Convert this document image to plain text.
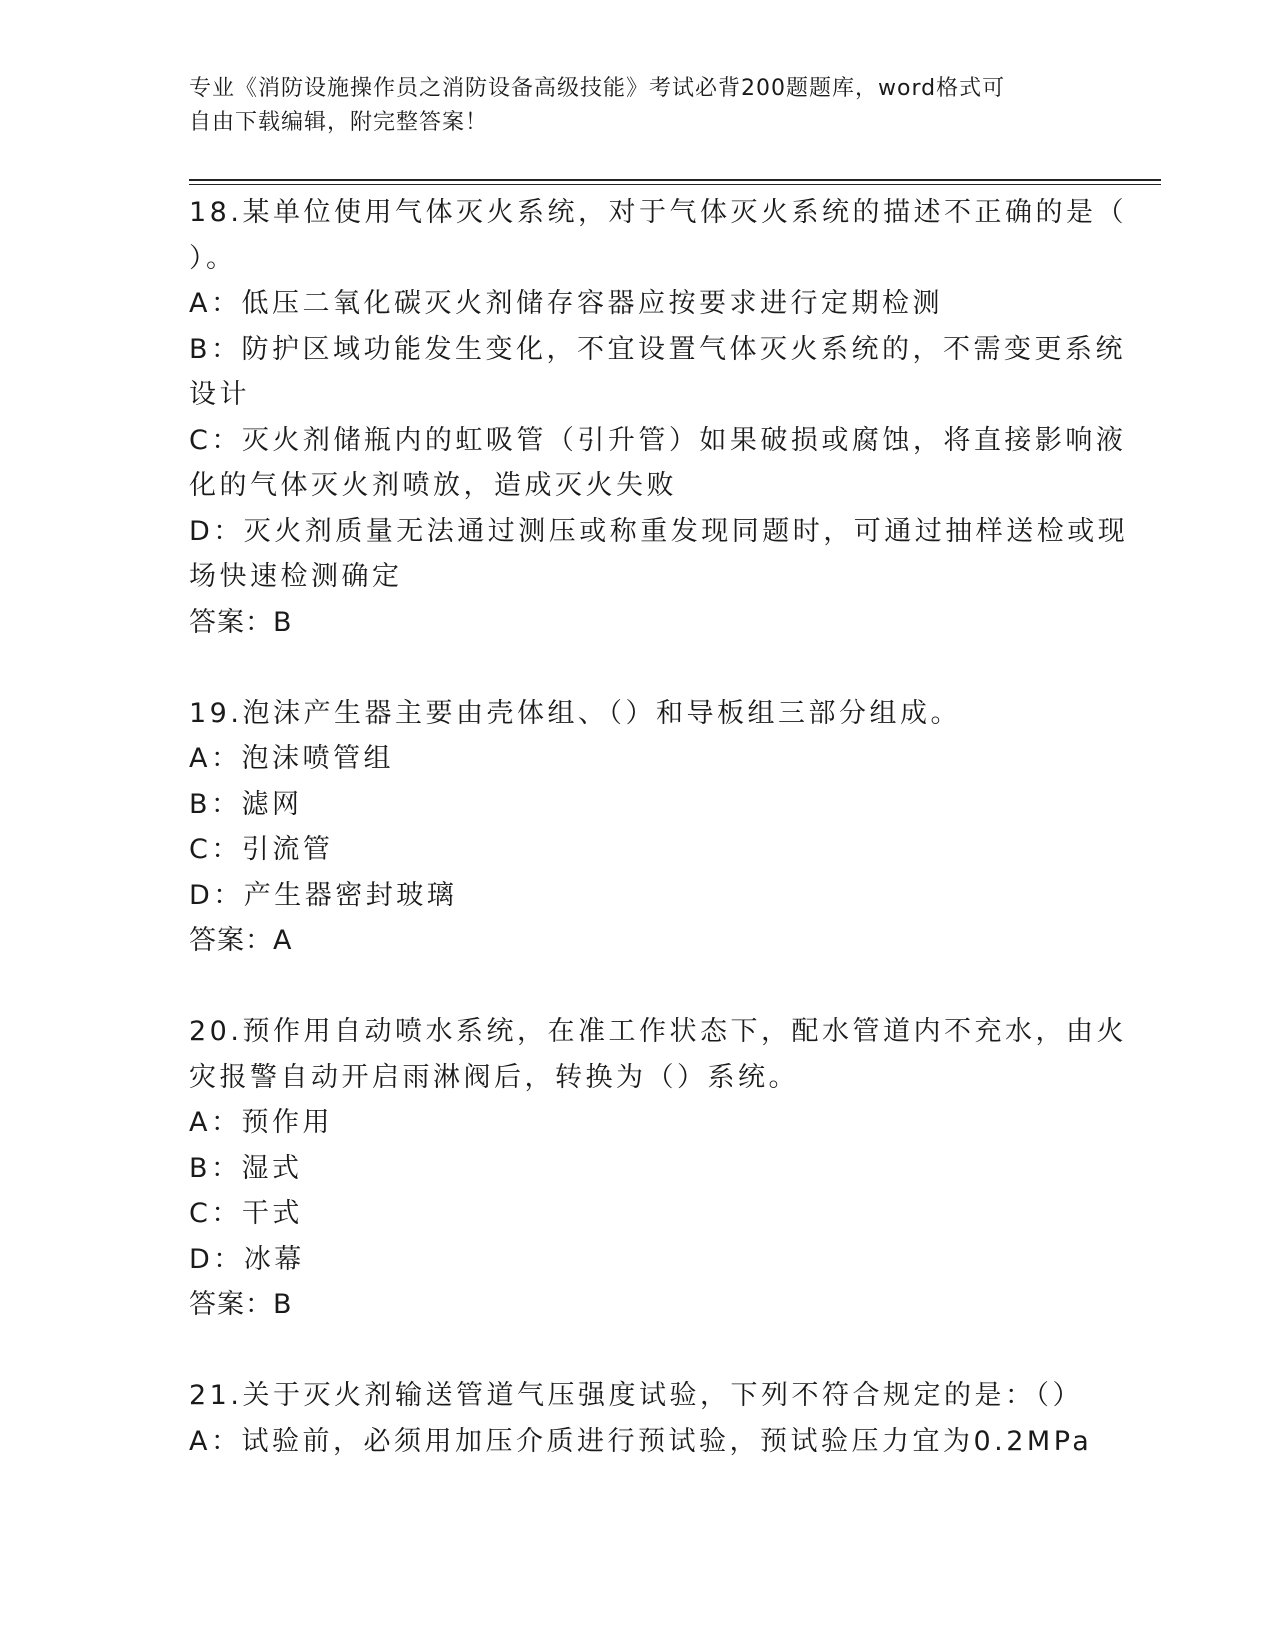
专业《消防设施操作员之消防设备高级技能》考试必背200题题库，word格式可
自由下载编辑，附完整答案！
18.某单位使用气体灭火系统，对于气体灭火系统的描述不正确的是（
）。
A：低压二氧化碳灭火剂储存容器应按要求进行定期检测
B：防护区域功能发生变化，不宜设置气体灭火系统的，不需变更系统
设计
C：灭火剂储瓶内的虹吸管（引升管）如果破损或腐蚀，将直接影响液
化的气体灭火剂喷放，造成灭火失败
D：灭火剂质量无法通过测压或称重发现同题时，可通过抽样送检或现
场快速检测确定
答案：B
19.泡沫产生器主要由壳体组、（）和导板组三部分组成。
A：泡沫喷管组
B：滤网
C：引流管
D：产生器密封玻璃
答案：A
20.预作用自动喷水系统，在准工作状态下，配水管道内不充水，由火
灾报警自动开启雨淋阀后，转换为（）系统。
A：预作用
B：湿式
C：干式
D：冰幕
答案：B
21.关于灭火剂输送管道气压强度试验，下列不符合规定的是：（）
A：试验前，必须用加压介质进行预试验，预试验压力宜为0.2MPa
